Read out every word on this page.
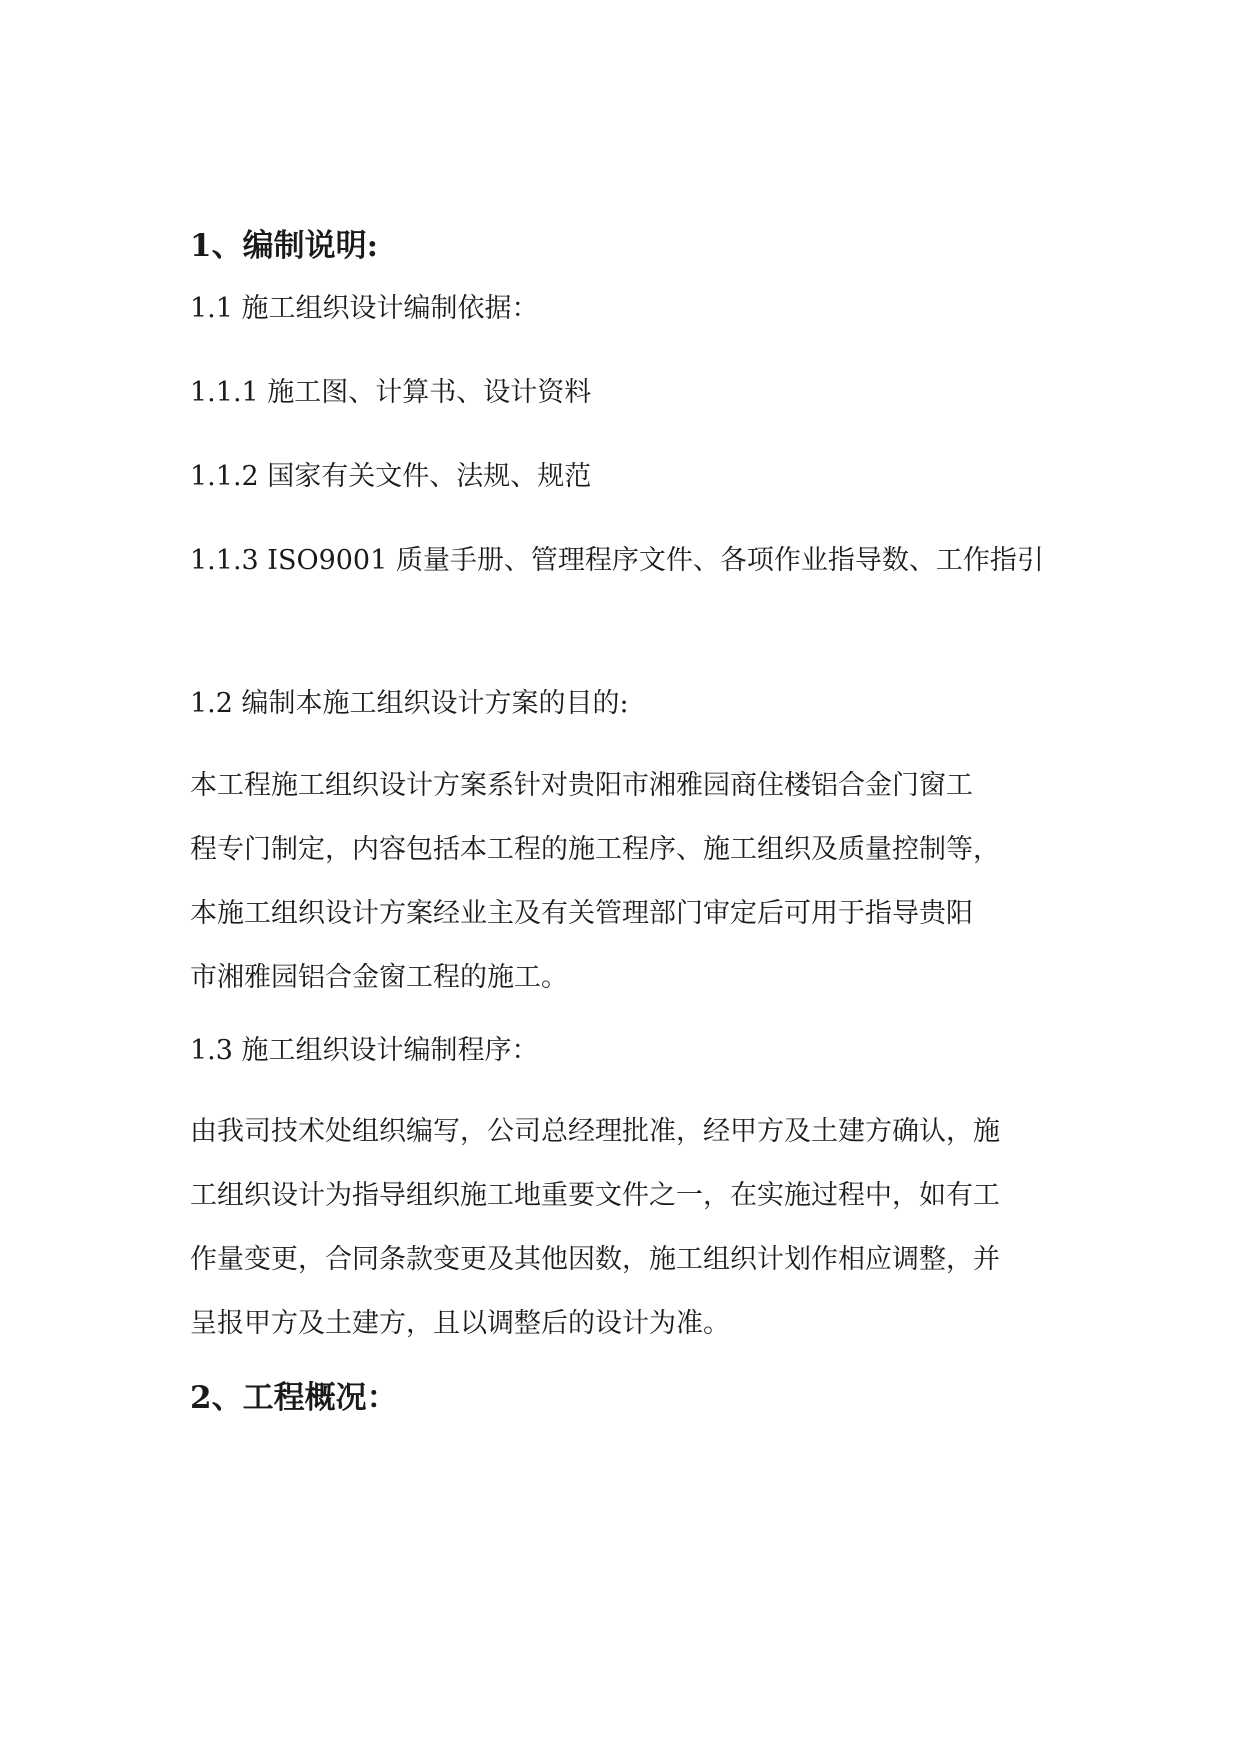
1、编制说明:
1.1 施工组织设计编制依据：
1.1.1 施工图、计算书、设计资料
1.1.2 国家有关文件、法规、规范
1.1.3 ISO9001 质量手册、管理程序文件、各项作业指导数、工作指引
1.2 编制本施工组织设计方案的目的:
本工程施工组织设计方案系针对贵阳市湘雅园商住楼铝合金门窗工
程专门制定，内容包括本工程的施工程序、施工组织及质量控制等，
本施工组织设计方案经业主及有关管理部门审定后可用于指导贵阳
市湘雅园铝合金窗工程的施工。
1.3 施工组织设计编制程序：
由我司技术处组织编写，公司总经理批准，经甲方及土建方确认，施
工组织设计为指导组织施工地重要文件之一，在实施过程中，如有工
作量变更，合同条款变更及其他因数，施工组织计划作相应调整，并
呈报甲方及土建方，且以调整后的设计为准。
2、工程概况：
